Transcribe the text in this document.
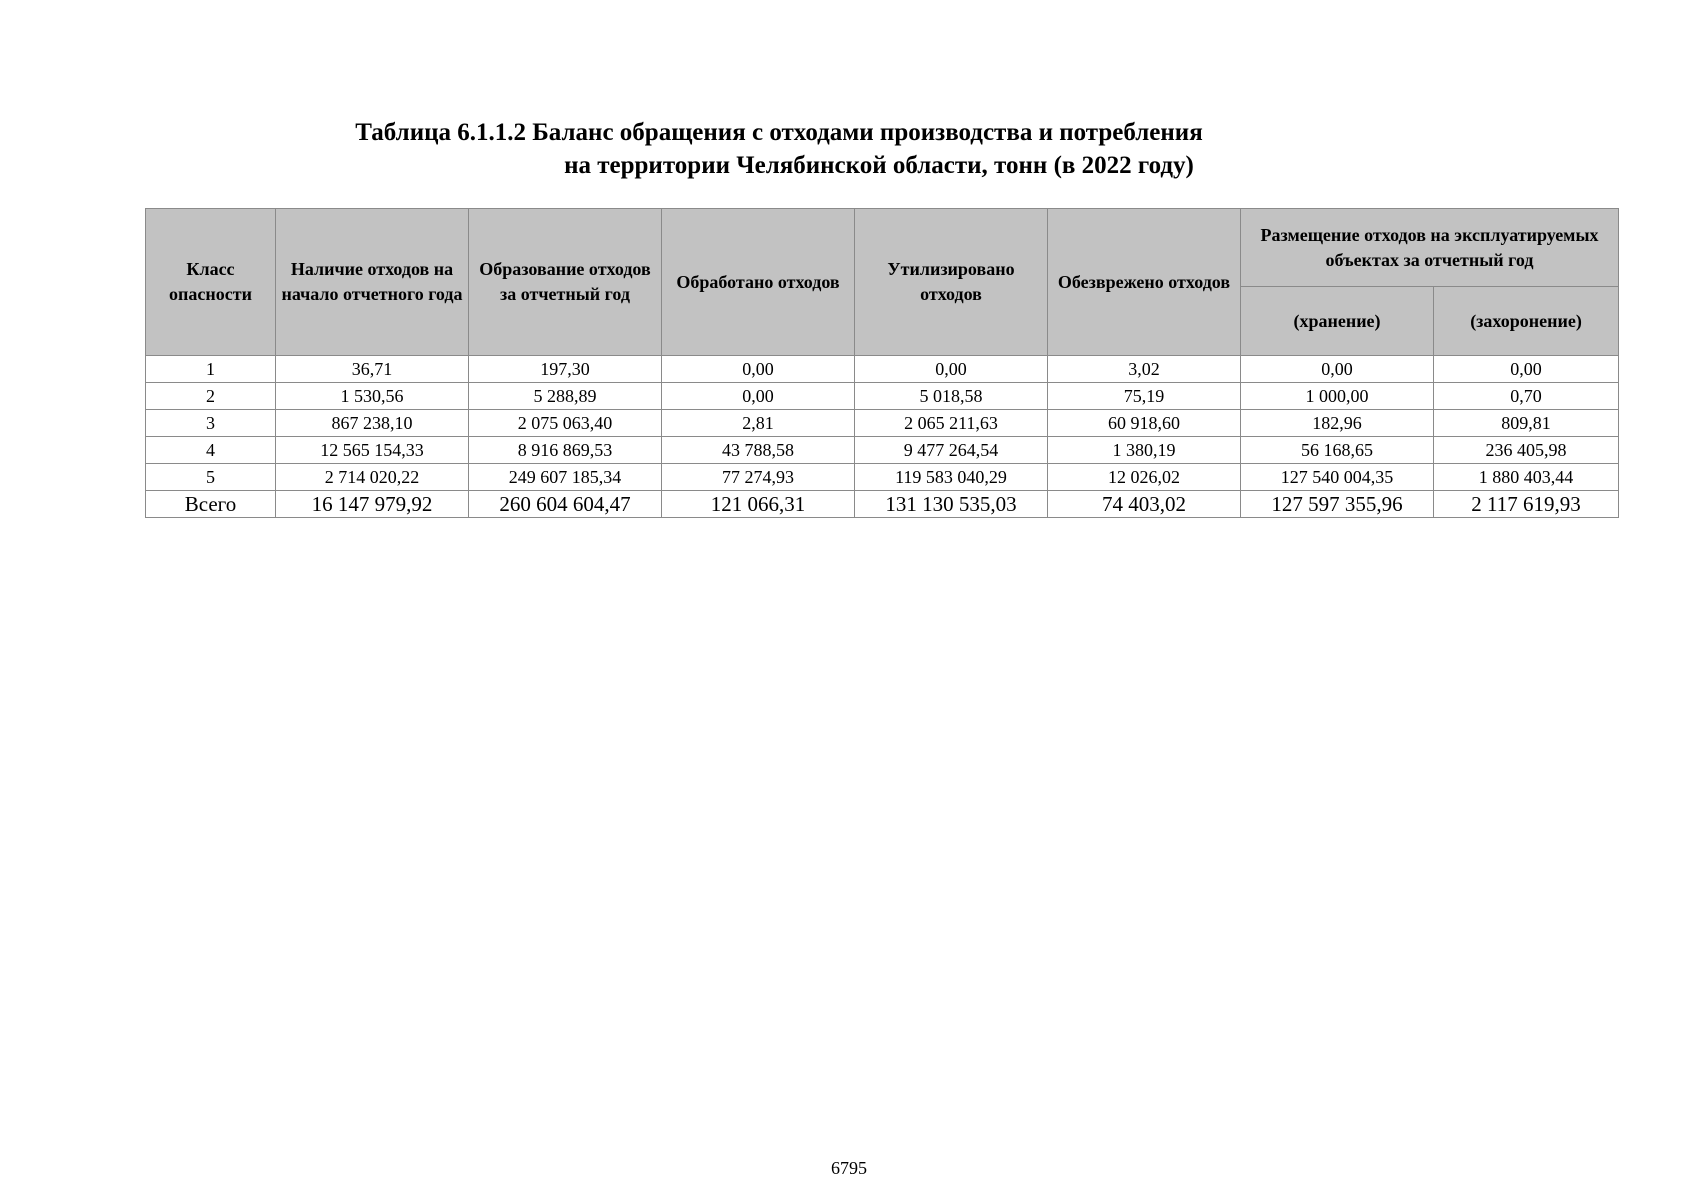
Таблица 6.1.1.2 Баланс обращения с отходами производства и потребления
на территории Челябинской области, тонн (в 2022 году)
Класс опасности	Наличие отходов на начало отчетного года	Образование отходов за отчетный год	Обработано отходов	Утилизировано отходов	Обезврежено отходов	Размещение отходов на эксплуатируемых объектах за отчетный год	
						(хранение)	(захоронение)
1	36,71	197,30	0,00	0,00	3,02	0,00	0,00
2	1 530,56	5 288,89	0,00	5 018,58	75,19	1 000,00	0,70
3	867 238,10	2 075 063,40	2,81	2 065 211,63	60 918,60	182,96	809,81
4	12 565 154,33	8 916 869,53	43 788,58	9 477 264,54	1 380,19	56 168,65	236 405,98
5	2 714 020,22	249 607 185,34	77 274,93	119 583 040,29	12 026,02	127 540 004,35	1 880 403,44
Всего	16 147 979,92	260 604 604,47	121 066,31	131 130 535,03	74 403,02	127 597 355,96	2 117 619,93
6795
